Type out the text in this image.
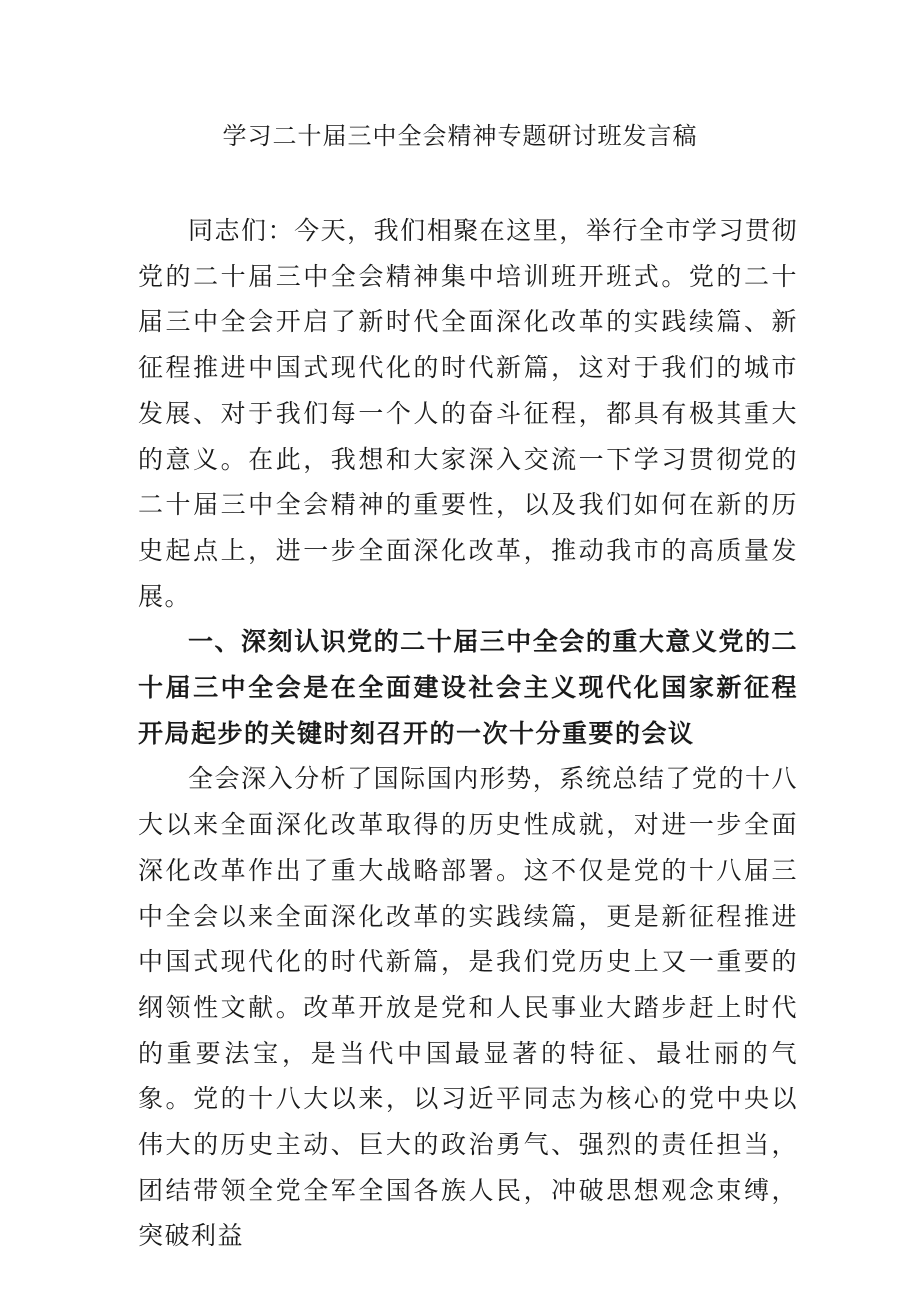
学习二十届三中全会精神专题研讨班发言稿

同志们：今天，我们相聚在这里，举行全市学习贯彻党的二十届三中全会精神集中培训班开班式。党的二十届三中全会开启了新时代全面深化改革的实践续篇、新征程推进中国式现代化的时代新篇，这对于我们的城市发展、对于我们每一个人的奋斗征程，都具有极其重大的意义。在此，我想和大家深入交流一下学习贯彻党的二十届三中全会精神的重要性，以及我们如何在新的历史起点上，进一步全面深化改革，推动我市的高质量发展。

一、深刻认识党的二十届三中全会的重大意义党的二十届三中全会是在全面建设社会主义现代化国家新征程开局起步的关键时刻召开的一次十分重要的会议

全会深入分析了国际国内形势，系统总结了党的十八大以来全面深化改革取得的历史性成就，对进一步全面深化改革作出了重大战略部署。这不仅是党的十八届三中全会以来全面深化改革的实践续篇，更是新征程推进中国式现代化的时代新篇，是我们党历史上又一重要的纲领性文献。改革开放是党和人民事业大踏步赶上时代的重要法宝，是当代中国最显著的特征、最壮丽的气象。党的十八大以来，以习近平同志为核心的党中央以伟大的历史主动、巨大的政治勇气、强烈的责任担当，团结带领全党全军全国各族人民，冲破思想观念束缚，突破利益
